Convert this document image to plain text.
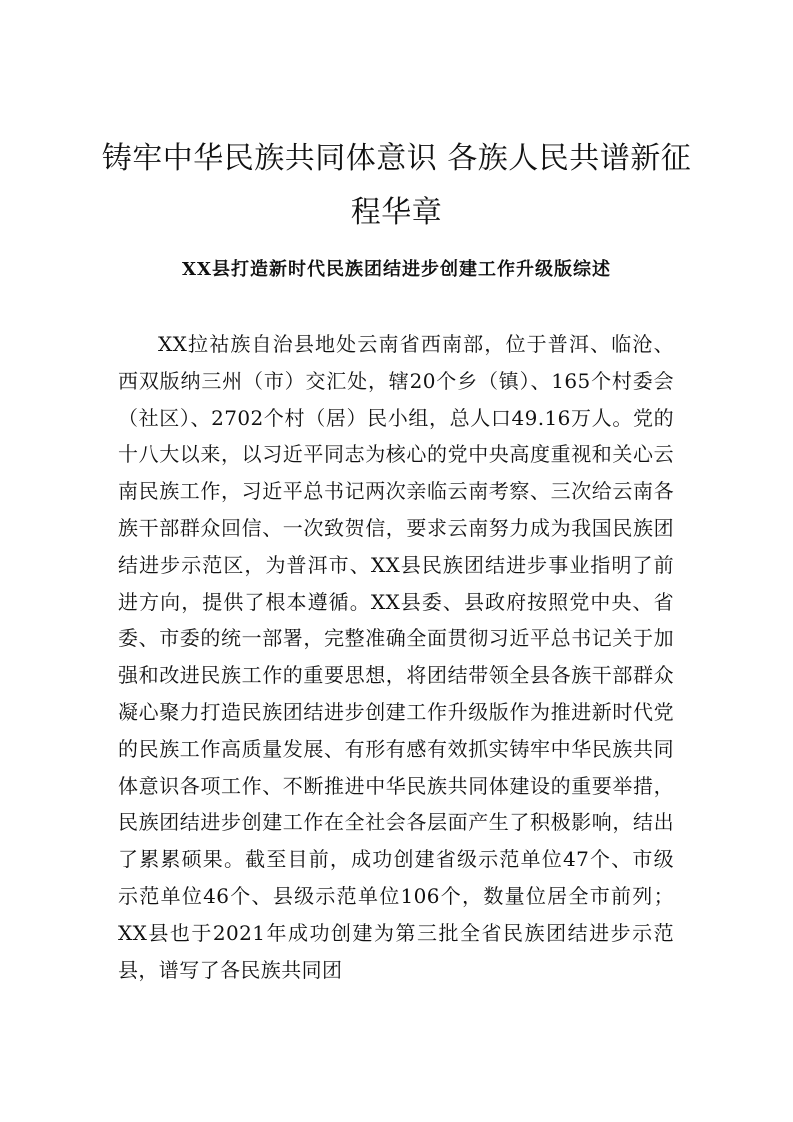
铸牢中华民族共同体意识 各族人民共谱新征程华章
XX县打造新时代民族团结进步创建工作升级版综述

XX拉祜族自治县地处云南省西南部，位于普洱、临沧、西双版纳三州（市）交汇处，辖20个乡（镇）、165个村委会（社区）、2702个村（居）民小组，总人口49.16万人。党的十八大以来，以习近平同志为核心的党中央高度重视和关心云南民族工作，习近平总书记两次亲临云南考察、三次给云南各族干部群众回信、一次致贺信，要求云南努力成为我国民族团结进步示范区，为普洱市、XX县民族团结进步事业指明了前进方向，提供了根本遵循。XX县委、县政府按照党中央、省委、市委的统一部署，完整准确全面贯彻习近平总书记关于加强和改进民族工作的重要思想，将团结带领全县各族干部群众凝心聚力打造民族团结进步创建工作升级版作为推进新时代党的民族工作高质量发展、有形有感有效抓实铸牢中华民族共同体意识各项工作、不断推进中华民族共同体建设的重要举措，民族团结进步创建工作在全社会各层面产生了积极影响，结出了累累硕果。截至目前，成功创建省级示范单位47个、市级示范单位46个、县级示范单位106个，数量位居全市前列；XX县也于2021年成功创建为第三批全省民族团结进步示范县，谱写了各民族共同团
